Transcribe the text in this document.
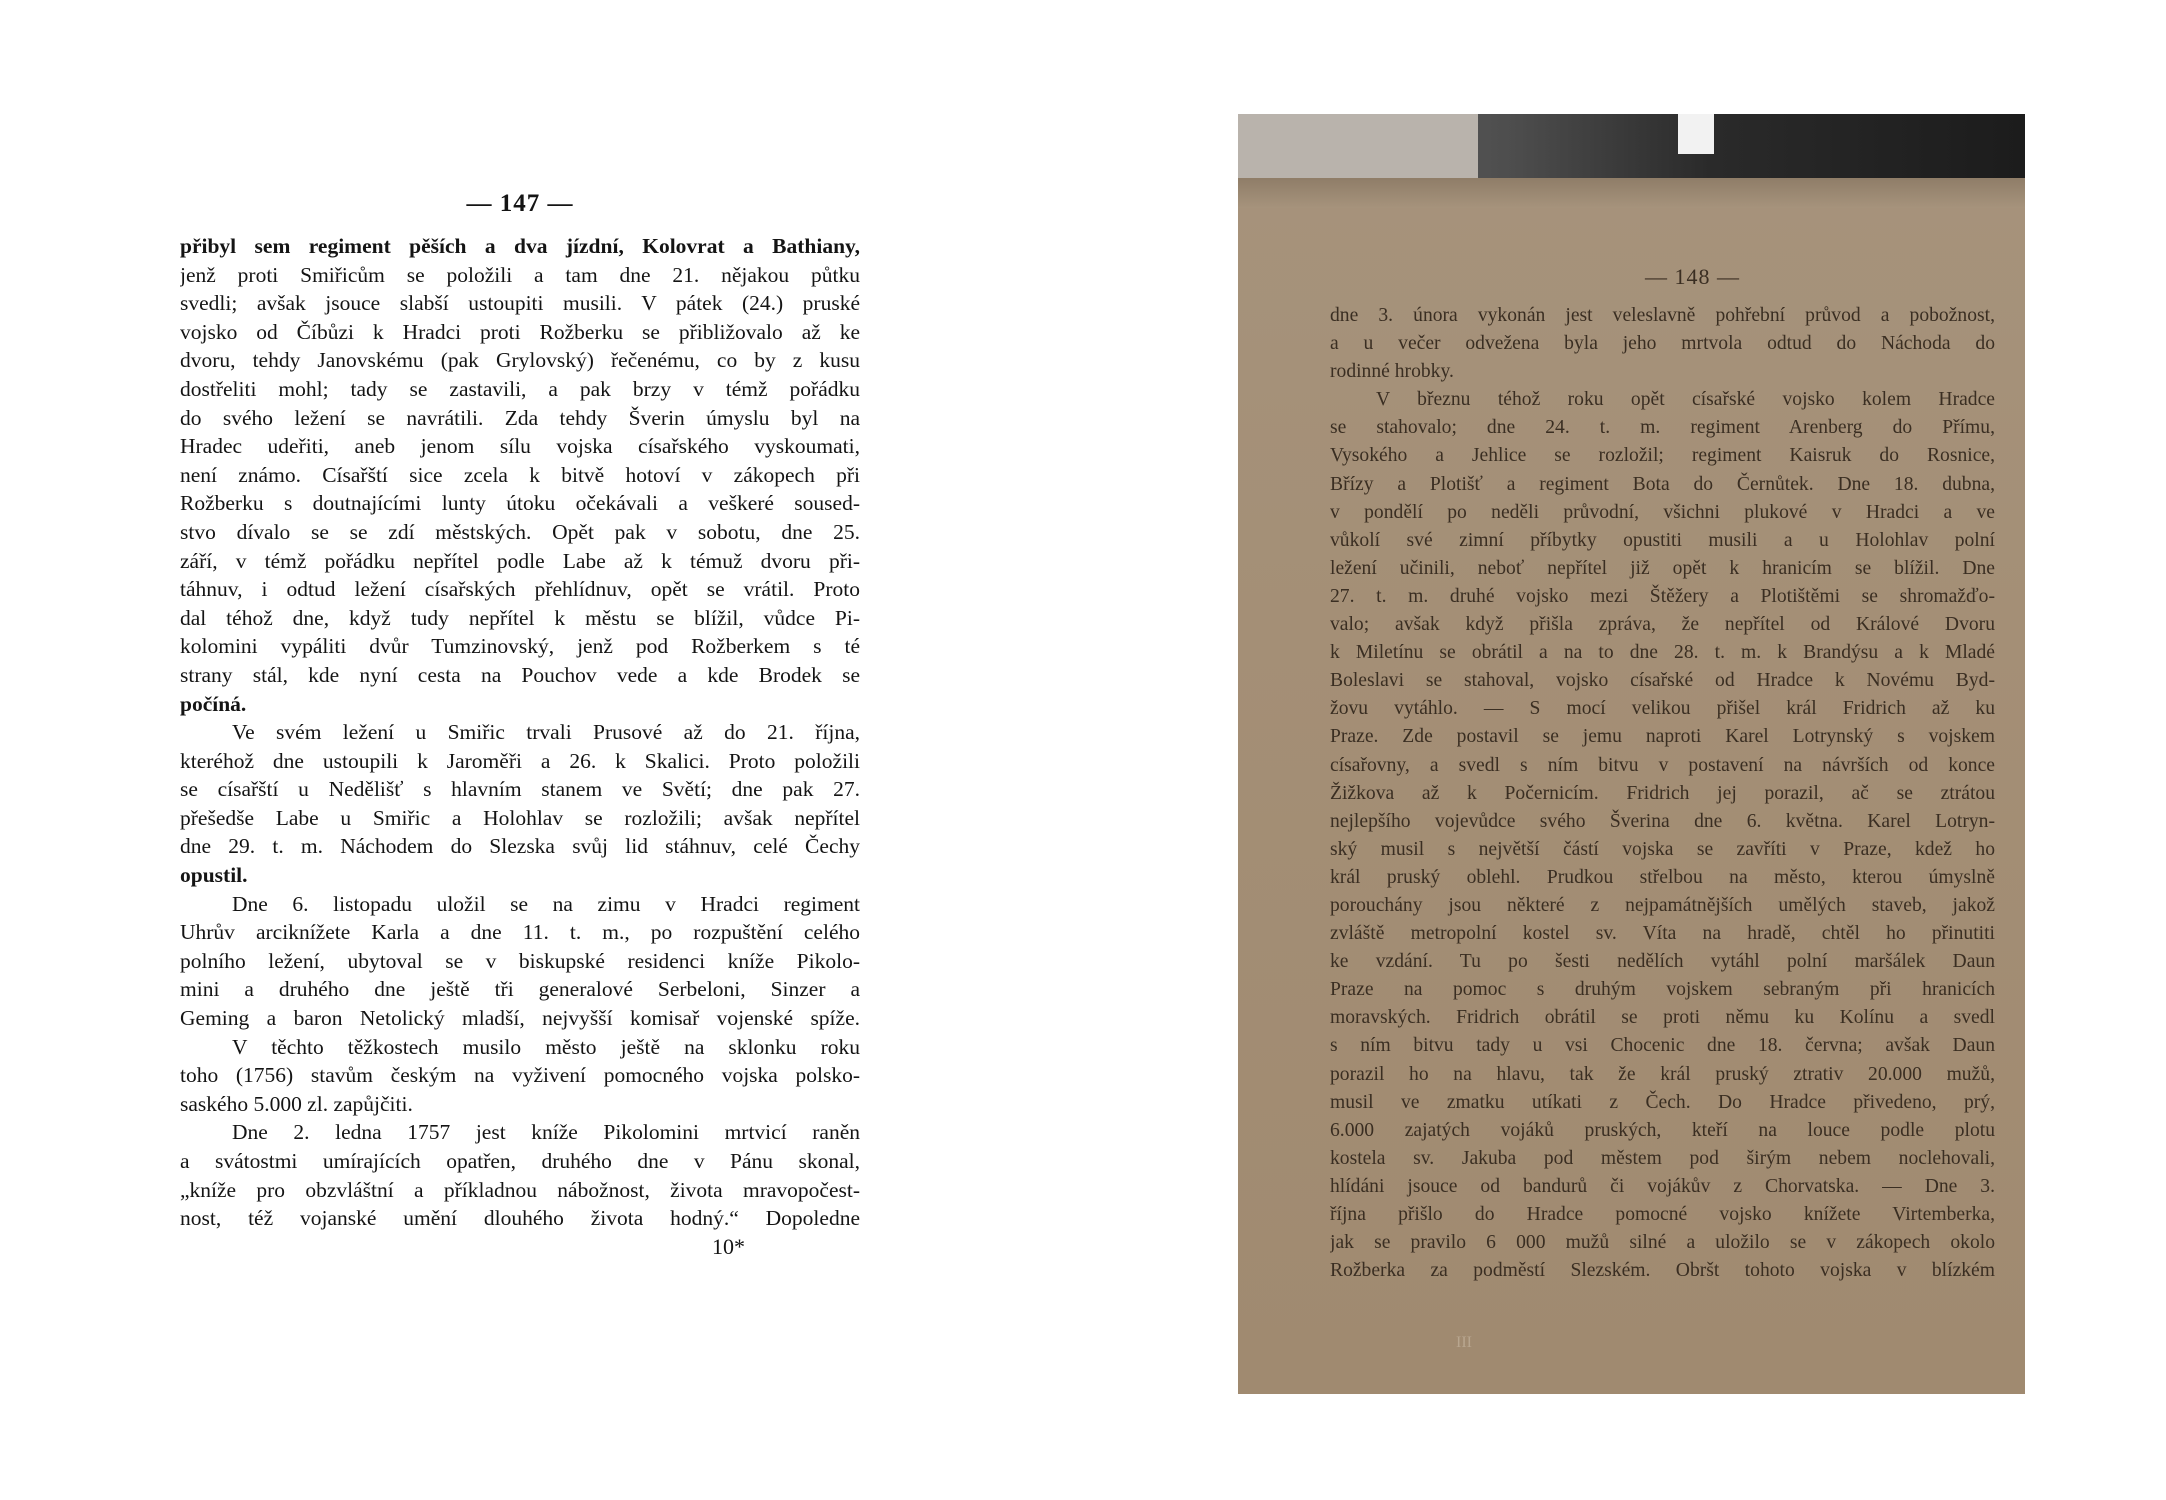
— 147 —
přibyl sem regiment pěších a dva jízdní, Kolovrat a Bathiany,
jenž proti Smiřicům se položili a tam dne 21. nějakou půtku
svedli; avšak jsouce slabší ustoupiti musili. V pátek (24.) pruské
vojsko od Číbůzi k Hradci proti Rožberku se přibližovalo až ke
dvoru, tehdy Janovskému (pak Grylovský) řečenému, co by z kusu
dostřeliti mohl; tady se zastavili, a pak brzy v témž pořádku
do svého ležení se navrátili. Zda tehdy Šverin úmyslu byl na
Hradec udeřiti, aneb jenom sílu vojska císařského vyskoumati,
není známo. Císařští sice zcela k bitvě hotoví v zákopech při
Rožberku s doutnajícími lunty útoku očekávali a veškeré soused-
stvo dívalo se se zdí městských. Opět pak v sobotu, dne 25.
září, v témž pořádku nepřítel podle Labe až k témuž dvoru při-
táhnuv, i odtud ležení císařských přehlídnuv, opět se vrátil. Proto
dal téhož dne, když tudy nepřítel k městu se blížil, vůdce Pi-
kolomini vypáliti dvůr Tumzinovský, jenž pod Rožberkem s té
strany stál, kde nyní cesta na Pouchov vede a kde Brodek se
počíná.
Ve svém ležení u Smiřic trvali Prusové až do 21. října,
kteréhož dne ustoupili k Jaroměři a 26. k Skalici. Proto položili
se císařští u Nedělišť s hlavním stanem ve Světí; dne pak 27.
přešedše Labe u Smiřic a Holohlav se rozložili; avšak nepřítel
dne 29. t. m. Náchodem do Slezska svůj lid stáhnuv, celé Čechy
opustil.
Dne 6. listopadu uložil se na zimu v Hradci regiment
Uhrův arciknížete Karla a dne 11. t. m., po rozpuštění celého
polního ležení, ubytoval se v biskupské residenci kníže Pikolo-
mini a druhého dne ještě tři generalové Serbeloni, Sinzer a
Geming a baron Netolický mladší, nejvyšší komisař vojenské spíže.
V těchto těžkostech musilo město ještě na sklonku roku
toho (1756) stavům českým na vyživení pomocného vojska polsko-
saského 5.000 zl. zapůjčiti.
Dne 2. ledna 1757 jest kníže Pikolomini mrtvicí raněn
a svátostmi umírajících opatřen, druhého dne v Pánu skonal,
„kníže pro obzvláštní a příkladnou nábožnost, života mravopočest-
nost, též vojanské umění dlouhého života hodný.“ Dopoledne
10*
— 148 —
dne 3. února vykonán jest veleslavně pohřební průvod a pobožnost,
a u večer odvežena byla jeho mrtvola odtud do Náchoda do
rodinné hrobky.
V březnu téhož roku opět císařské vojsko kolem Hradce
se stahovalo; dne 24. t. m. regiment Arenberg do Přímu,
Vysokého a Jehlice se rozložil; regiment Kaisruk do Rosnice,
Břízy a Plotišť a regiment Bota do Černůtek. Dne 18. dubna,
v pondělí po neděli průvodní, všichni plukové v Hradci a ve
vůkolí své zimní příbytky opustiti musili a u Holohlav polní
ležení učinili, neboť nepřítel již opět k hranicím se blížil. Dne
27. t. m. druhé vojsko mezi Štěžery a Plotištěmi se shromažďo-
valo; avšak když přišla zpráva, že nepřítel od Králové Dvoru
k Miletínu se obrátil a na to dne 28. t. m. k Brandýsu a k Mladé
Boleslavi se stahoval, vojsko císařské od Hradce k Novému Byd-
žovu vytáhlo. — S mocí velikou přišel král Fridrich až ku
Praze. Zde postavil se jemu naproti Karel Lotrynský s vojskem
císařovny, a svedl s ním bitvu v postavení na návrších od konce
Žižkova až k Počernicím. Fridrich jej porazil, ač se ztrátou
nejlepšího vojevůdce svého Šverina dne 6. května. Karel Lotryn-
ský musil s největší částí vojska se zavříti v Praze, kdež ho
král pruský oblehl. Prudkou střelbou na město, kterou úmyslně
porouchány jsou některé z nejpamátnějších umělých staveb, jakož
zvláště metropolní kostel sv. Víta na hradě, chtěl ho přinutiti
ke vzdání. Tu po šesti nedělích vytáhl polní maršálek Daun
Praze na pomoc s druhým vojskem sebraným při hranicích
moravských. Fridrich obrátil se proti němu ku Kolínu a svedl
s ním bitvu tady u vsi Chocenic dne 18. června; avšak Daun
porazil ho na hlavu, tak že král pruský ztrativ 20.000 mužů,
musil ve zmatku utíkati z Čech. Do Hradce přivedeno, prý,
6.000 zajatých vojáků pruských, kteří na louce podle plotu
kostela sv. Jakuba pod městem pod širým nebem noclehovali,
hlídáni jsouce od bandurů či vojákův z Chorvatska. — Dne 3.
října přišlo do Hradce pomocné vojsko knížete Virtemberka,
jak se pravilo 6 000 mužů silné a uložilo se v zákopech okolo
Rožberka za podměstí Slezském. Obršt tohoto vojska v blízkém
III
